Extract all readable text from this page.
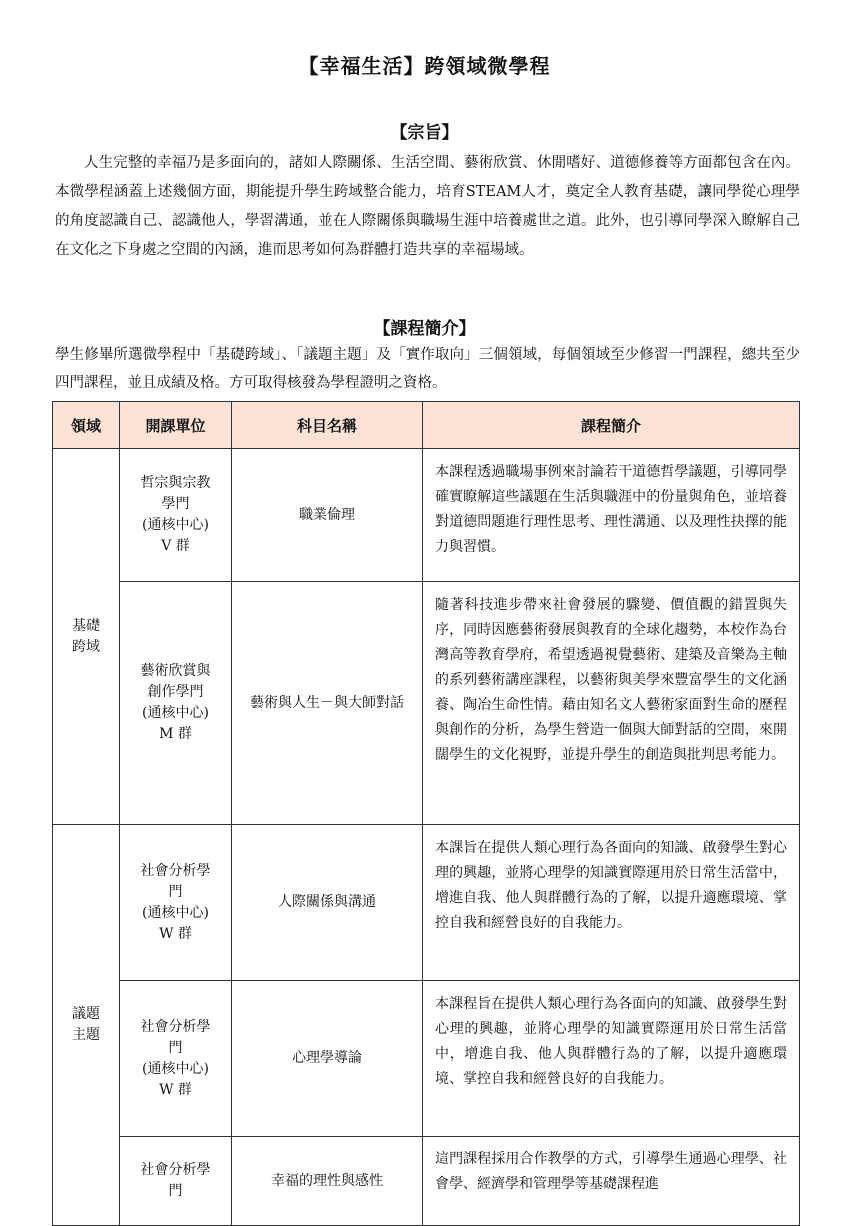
【幸福生活】跨領域微學程
【宗旨】
人生完整的幸福乃是多面向的，諸如人際關係、生活空間、藝術欣賞、休閒嗜好、道德修養等方面都包含在內。本微學程涵蓋上述幾個方面，期能提升學生跨域整合能力，培育STEAM人才，奠定全人教育基礎，讓同學從心理學的角度認識自己、認識他人，學習溝通，並在人際關係與職場生涯中培養處世之道。此外，也引導同學深入瞭解自己在文化之下身處之空間的內涵，進而思考如何為群體打造共享的幸福場域。
【課程簡介】
學生修畢所選微學程中「基礎跨域」、「議題主題」及「實作取向」三個領域，每個領域至少修習一門課程，總共至少四門課程，並且成績及格。方可取得核發為學程證明之資格。
領域	開課單位	科目名稱	課程簡介

基礎跨域	哲宗與宗教
學門
(通核中心)
V 群	職業倫理	本課程透過職場事例來討論若干道德哲學議題，引導同學確實瞭解這些議題在生活與職涯中的份量與角色，並培養對道德問題進行理性思考、理性溝通、以及理性抉擇的能力與習慣。

	藝術欣賞與
創作學門
(通核中心)
M 群	藝術與人生－與大師對話	隨著科技進步帶來社會發展的驟變、價值觀的錯置與失序，同時因應藝術發展與教育的全球化趨勢，本校作為台灣高等教育學府，希望透過視覺藝術、建築及音樂為主軸的系列藝術講座課程，以藝術與美學來豐富學生的文化涵養、陶冶生命性情。藉由知名文人藝術家面對生命的歷程與創作的分析，為學生營造一個與大師對話的空間，來開闊學生的文化視野，並提升學生的創造與批判思考能力。

議題主題	社會分析學
門
(通核中心)
W 群	人際關係與溝通	本課旨在提供人類心理行為各面向的知識、啟發學生對心理的興趣，並將心理學的知識實際運用於日常生活當中，增進自我、他人與群體行為的了解，以提升適應環境、掌控自我和經營良好的自我能力。

	社會分析學
門
(通核中心)
W 群	心理學導論	本課程旨在提供人類心理行為各面向的知識、啟發學生對心理的興趣，並將心理學的知識實際運用於日常生活當中，增進自我、他人與群體行為的了解，以提升適應環境、掌控自我和經營良好的自我能力。

	社會分析學
門	幸福的理性與感性	這門課程採用合作教學的方式，引導學生通過心理學、社會學、經濟學和管理學等基礎課程進
